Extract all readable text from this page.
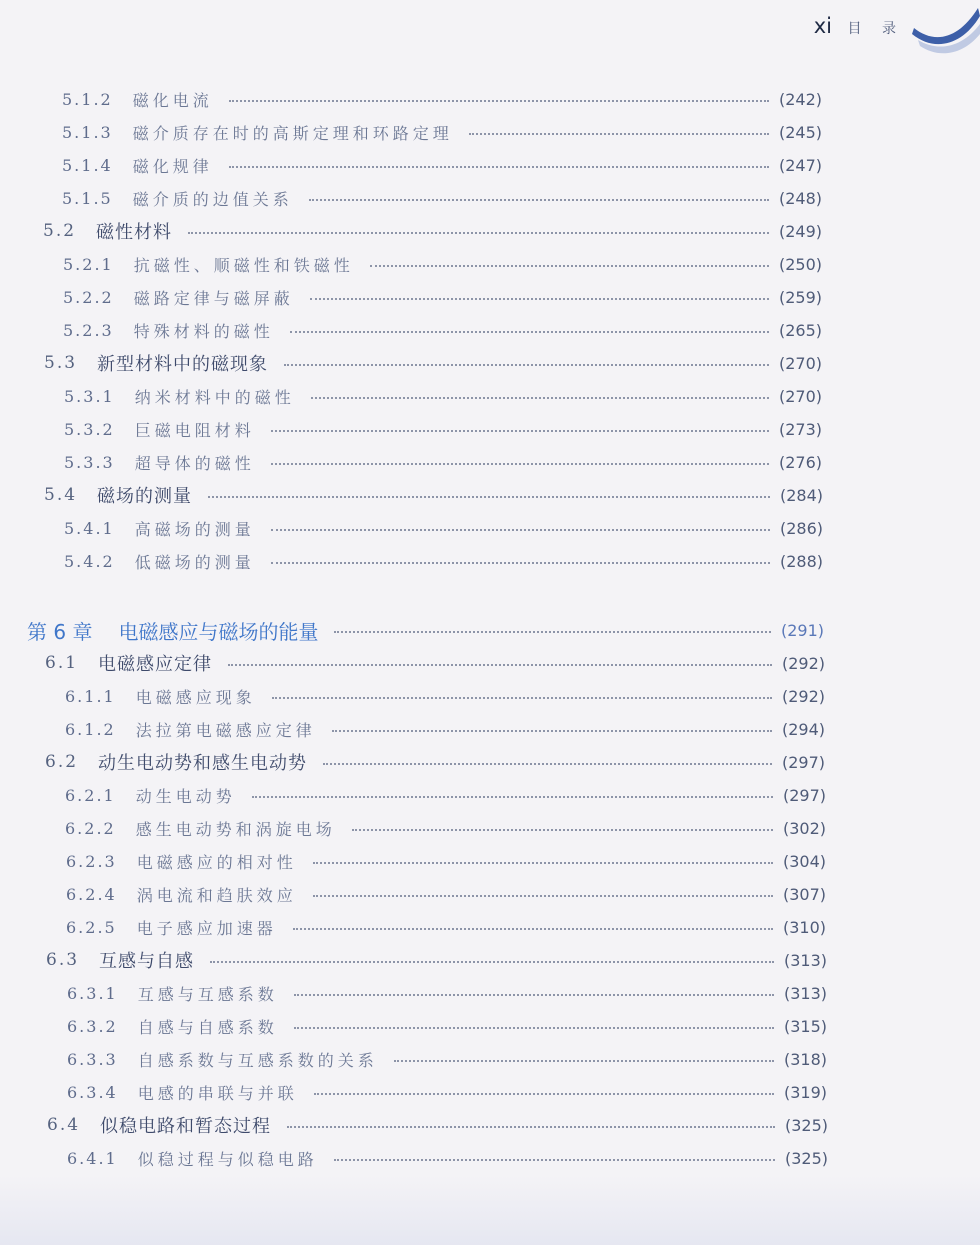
xi 目 录
5.1.2 磁化电流	(242)
5.1.3 磁介质存在时的高斯定理和环路定理	(245)
5.1.4 磁化规律	(247)
5.1.5 磁介质的边值关系	(248)
5.2 磁性材料	(249)
5.2.1 抗磁性、顺磁性和铁磁性	(250)
5.2.2 磁路定律与磁屏蔽	(259)
5.2.3 特殊材料的磁性	(265)
5.3 新型材料中的磁现象	(270)
5.3.1 纳米材料中的磁性	(270)
5.3.2 巨磁电阻材料	(273)
5.3.3 超导体的磁性	(276)
5.4 磁场的测量	(284)
5.4.1 高磁场的测量	(286)
5.4.2 低磁场的测量	(288)
第 6 章 电磁感应与磁场的能量	(291)
6.1 电磁感应定律	(292)
6.1.1 电磁感应现象	(292)
6.1.2 法拉第电磁感应定律	(294)
6.2 动生电动势和感生电动势	(297)
6.2.1 动生电动势	(297)
6.2.2 感生电动势和涡旋电场	(302)
6.2.3 电磁感应的相对性	(304)
6.2.4 涡电流和趋肤效应	(307)
6.2.5 电子感应加速器	(310)
6.3 互感与自感	(313)
6.3.1 互感与互感系数	(313)
6.3.2 自感与自感系数	(315)
6.3.3 自感系数与互感系数的关系	(318)
6.3.4 电感的串联与并联	(319)
6.4 似稳电路和暂态过程	(325)
6.4.1 似稳过程与似稳电路	(325)
